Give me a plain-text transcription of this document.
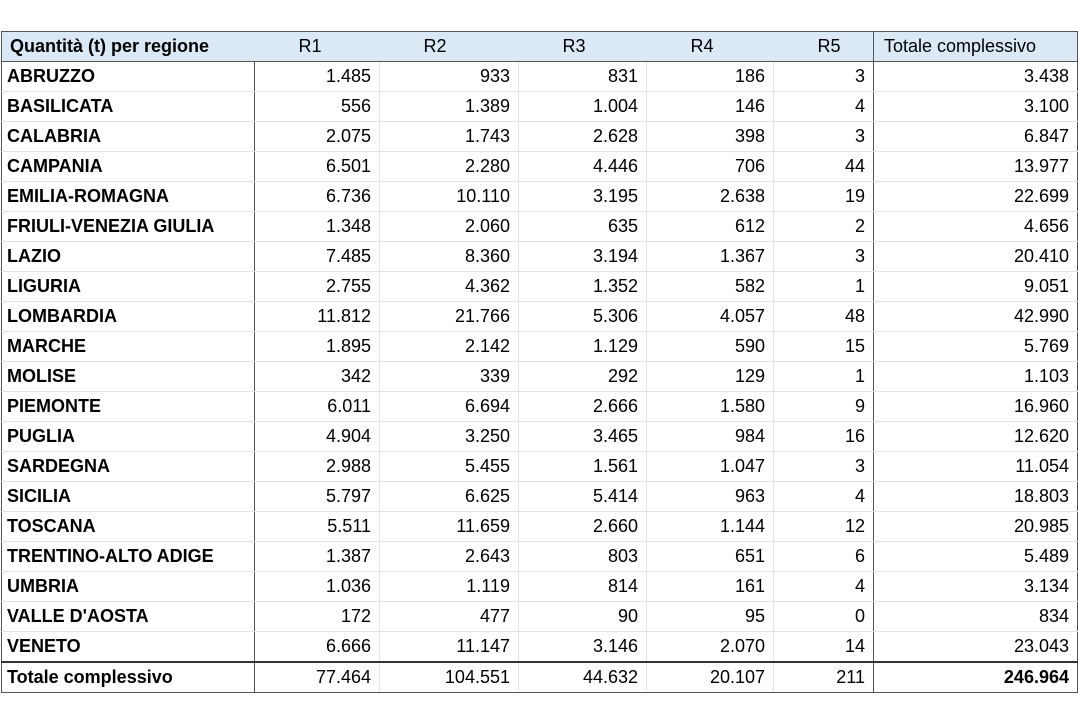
Quantità (t) per regione	R1	R2	R3	R4	R5	Totale complessivo
ABRUZZO	1.485	933	831	186	3	3.438
BASILICATA	556	1.389	1.004	146	4	3.100
CALABRIA	2.075	1.743	2.628	398	3	6.847
CAMPANIA	6.501	2.280	4.446	706	44	13.977
EMILIA-ROMAGNA	6.736	10.110	3.195	2.638	19	22.699
FRIULI-VENEZIA GIULIA	1.348	2.060	635	612	2	4.656
LAZIO	7.485	8.360	3.194	1.367	3	20.410
LIGURIA	2.755	4.362	1.352	582	1	9.051
LOMBARDIA	11.812	21.766	5.306	4.057	48	42.990
MARCHE	1.895	2.142	1.129	590	15	5.769
MOLISE	342	339	292	129	1	1.103
PIEMONTE	6.011	6.694	2.666	1.580	9	16.960
PUGLIA	4.904	3.250	3.465	984	16	12.620
SARDEGNA	2.988	5.455	1.561	1.047	3	11.054
SICILIA	5.797	6.625	5.414	963	4	18.803
TOSCANA	5.511	11.659	2.660	1.144	12	20.985
TRENTINO-ALTO ADIGE	1.387	2.643	803	651	6	5.489
UMBRIA	1.036	1.119	814	161	4	3.134
VALLE D'AOSTA	172	477	90	95	0	834
VENETO	6.666	11.147	3.146	2.070	14	23.043
Totale complessivo	77.464	104.551	44.632	20.107	211	246.964
